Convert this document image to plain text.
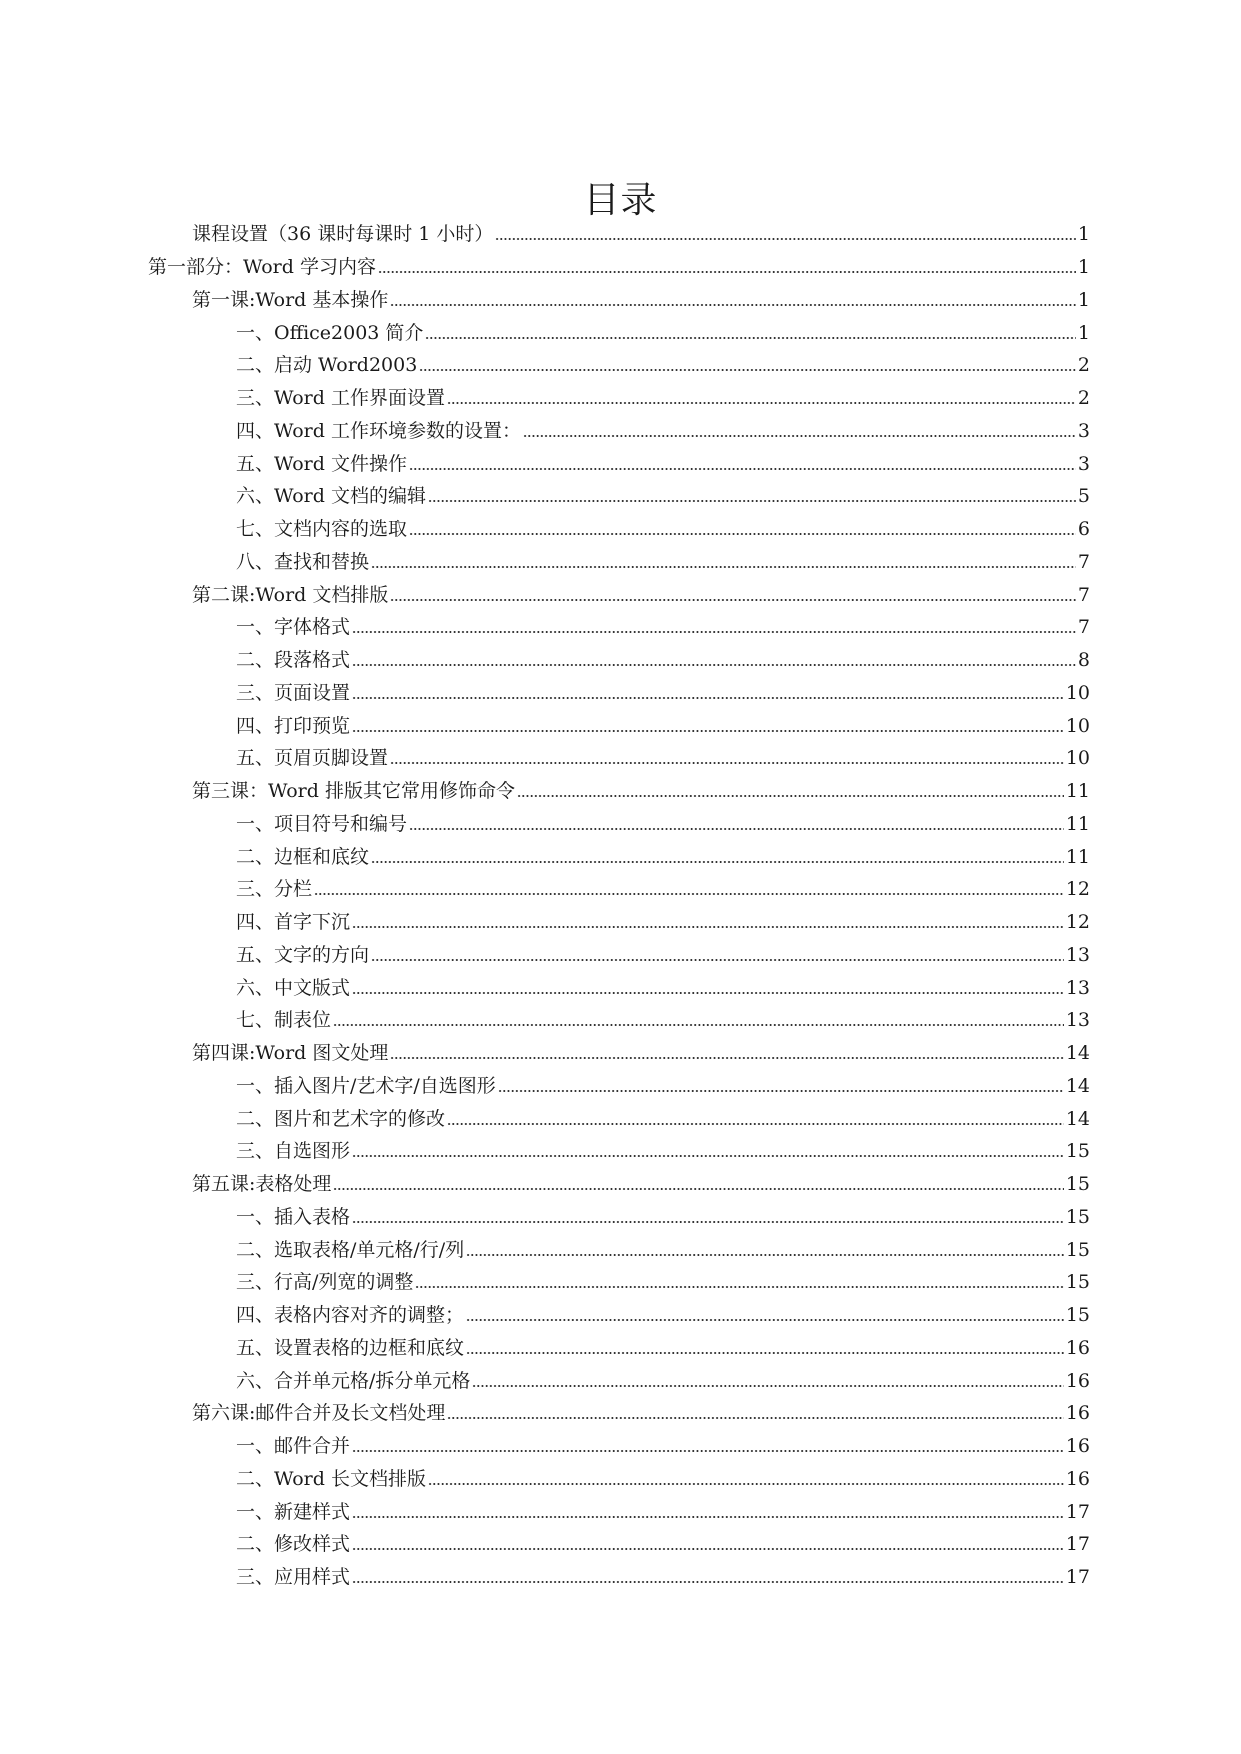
目录
课程设置（36 课时每课时 1 小时）	1
第一部分：Word 学习内容	1
第一课:Word 基本操作	1
一、Office2003 简介	1
二、启动 Word2003	2
三、Word 工作界面设置	2
四、Word 工作环境参数的设置：	3
五、Word 文件操作	3
六、Word 文档的编辑	5
七、文档内容的选取	6
八、查找和替换	7
第二课:Word 文档排版	7
一、字体格式	7
二、段落格式	8
三、页面设置	10
四、打印预览	10
五、页眉页脚设置	10
第三课：Word 排版其它常用修饰命令	11
一、项目符号和编号	11
二、边框和底纹	11
三、分栏	12
四、首字下沉	12
五、文字的方向	13
六、中文版式	13
七、制表位	13
第四课:Word 图文处理	14
一、插入图片/艺术字/自选图形	14
二、图片和艺术字的修改	14
三、自选图形	15
第五课:表格处理	15
一、插入表格	15
二、选取表格/单元格/行/列	15
三、行高/列宽的调整	15
四、表格内容对齐的调整；	15
五、设置表格的边框和底纹	16
六、合并单元格/拆分单元格	16
第六课:邮件合并及长文档处理	16
一、邮件合并	16
二、Word 长文档排版	16
一、新建样式	17
二、修改样式	17
三、应用样式	17
